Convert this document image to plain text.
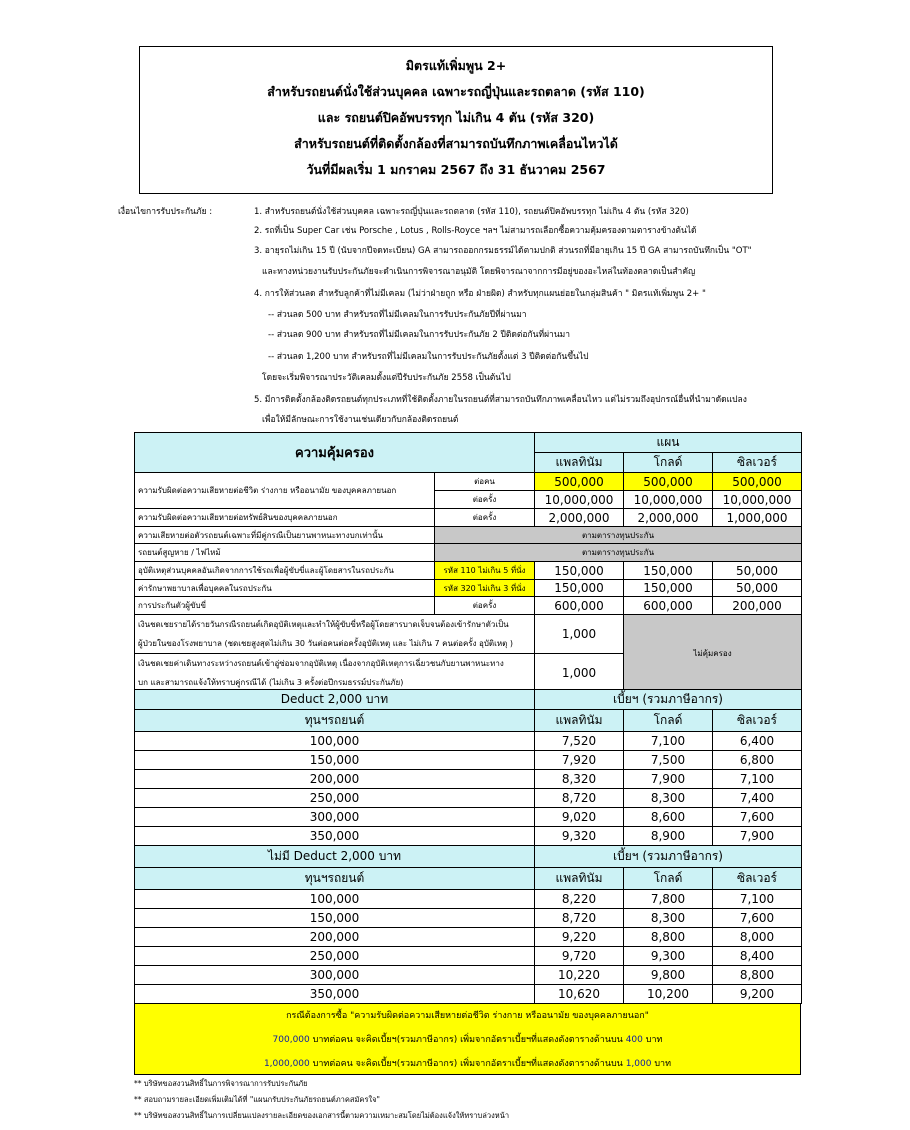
มิตรแท้เพิ่มพูน 2+
สำหรับรถยนต์นั่งใช้ส่วนบุคคล เฉพาะรถญี่ปุ่นและรถตลาด (รหัส 110)
และ รถยนต์ปิคอัพบรรทุก ไม่เกิน 4 ตัน (รหัส 320)
สำหรับรถยนต์ที่ติดตั้งกล้องที่สามารถบันทึกภาพเคลื่อนไหวได้
วันที่มีผลเริ่ม 1 มกราคม 2567 ถึง 31 ธันวาคม 2567
เงื่อนไขการรับประกันภัย :	1. สำหรับรถยนต์นั่งใช้ส่วนบุคคล เฉพาะรถญี่ปุ่นและรถตลาด (รหัส 110), รถยนต์ปิคอัพบรรทุก ไม่เกิน 4 ตัน (รหัส 320)
2. รถที่เป็น Super Car เช่น Porsche , Lotus , Rolls-Royce ฯลฯ ไม่สามารถเลือกซื้อความคุ้มครองตามตารางข้างต้นได้
3. อายุรถไม่เกิน 15 ปี (นับจากปีจดทะเบียน) GA สามารถออกกรมธรรม์ได้ตามปกติ ส่วนรถที่มีอายุเกิน 15 ปี GA สามารถบันทึกเป็น "OT"
และทางหน่วยงานรับประกันภัยจะดำเนินการพิจารณาอนุมัติ โดยพิจารณาจากการมีอยู่ของอะไหล่ในท้องตลาดเป็นสำคัญ
4. การให้ส่วนลด สำหรับลูกค้าที่ไม่มีเคลม (ไม่ว่าฝ่ายถูก หรือ ฝ่ายผิด) สำหรับทุกแผนย่อยในกลุ่มสินค้า " มิตรแท้เพิ่มพูน 2+ "
-- ส่วนลด 500 บาท สำหรับรถที่ไม่มีเคลมในการรับประกันภัยปีที่ผ่านมา
-- ส่วนลด 900 บาท สำหรับรถที่ไม่มีเคลมในการรับประกันภัย 2 ปีติดต่อกันที่ผ่านมา
-- ส่วนลด 1,200 บาท สำหรับรถที่ไม่มีเคลมในการรับประกันภัยตั้งแต่ 3 ปีติดต่อกันขึ้นไป
โดยจะเริ่มพิจารณาประวัติเคลมตั้งแต่ปีรับประกันภัย 2558 เป็นต้นไป
5. มีการติดตั้งกล้องติดรถยนต์ทุกประเภทที่ใช้ติดตั้งภายในรถยนต์ที่สามารถบันทึกภาพเคลื่อนไหว แต่ไม่รวมถึงอุปกรณ์อื่นที่นำมาดัดแปลง
เพื่อให้มีลักษณะการใช้งานเช่นเดียวกับกล้องติดรถยนต์
ความคุ้มครอง		แผน		
		แพลทินัม	โกลด์	ซิลเวอร์
ความรับผิดต่อความเสียหายต่อชีวิต ร่างกาย หรืออนามัย ของบุคคลภายนอก	ต่อคน	500,000	500,000	500,000
	ต่อครั้ง	10,000,000	10,000,000	10,000,000
ความรับผิดต่อความเสียหายต่อทรัพย์สินของบุคคลภายนอก	ต่อครั้ง	2,000,000	2,000,000	1,000,000
ความเสียหายต่อตัวรถยนต์เฉพาะที่มีคู่กรณีเป็นยานพาหนะทางบกเท่านั้น	ตามตารางทุนประกัน			
รถยนต์สูญหาย / ไฟไหม้	ตามตารางทุนประกัน			
อุบัติเหตุส่วนบุคคลอันเกิดจากการใช้รถเพื่อผู้ขับขี่และผู้โดยสารในรถประกัน	รหัส 110 ไม่เกิน 5 ที่นั่ง	150,000	150,000	50,000
ค่ารักษาพยาบาลเพื่อบุคคลในรถประกัน	รหัส 320 ไม่เกิน 3 ที่นั่ง	150,000	150,000	50,000
การประกันตัวผู้ขับขี่	ต่อครั้ง	600,000	600,000	200,000

เงินชดเชยรายได้รายวันกรณีรถยนต์เกิดอุบัติเหตุและทำให้ผู้ขับขี่หรือผู้โดยสารบาดเจ็บจนต้องเข้ารักษาตัวเป็น
ผู้ป่วยในของโรงพยาบาล (ชดเชยสูงสุดไม่เกิน 30 วันต่อคนต่อครั้งอุบัติเหตุ และ ไม่เกิน 7 คนต่อครั้ง อุบัติเหตุ )		1,000	ไม่คุ้มครอง	

เงินชดเชยค่าเดินทางระหว่างรถยนต์เข้าอู่ซ่อมจากอุบัติเหตุ เนื่องจากอุบัติเหตุการเฉี่ยวชนกับยานพาหนะทาง
บก และสามารถแจ้งให้ทราบคู่กรณีได้ (ไม่เกิน 3 ครั้งต่อปีกรมธรรม์ประกันภัย)		1,000		
Deduct 2,000 บาท	เบี้ยฯ (รวมภาษีอากร)		
ทุนฯรถยนต์	แพลทินัม	โกลด์	ซิลเวอร์
100,000	7,520	7,100	6,400
150,000	7,920	7,500	6,800
200,000	8,320	7,900	7,100
250,000	8,720	8,300	7,400
300,000	9,020	8,600	7,600
350,000	9,320	8,900	7,900
ไม่มี Deduct 2,000 บาท	เบี้ยฯ (รวมภาษีอากร)		
ทุนฯรถยนต์	แพลทินัม	โกลด์	ซิลเวอร์
100,000	8,220	7,800	7,100
150,000	8,720	8,300	7,600
200,000	9,220	8,800	8,000
250,000	9,720	9,300	8,400
300,000	10,220	9,800	8,800
350,000	10,620	10,200	9,200
กรณีต้องการซื้อ "ความรับผิดต่อความเสียหายต่อชีวิต ร่างกาย หรืออนามัย ของบุคคลภายนอก"
700,000 บาทต่อคน จะคิดเบี้ยฯ(รวมภาษีอากร) เพิ่มจากอัตราเบี้ยฯที่แสดงดังตารางด้านบน 400 บาท
1,000,000 บาทต่อคน จะคิดเบี้ยฯ(รวมภาษีอากร) เพิ่มจากอัตราเบี้ยฯที่แสดงดังตารางด้านบน 1,000 บาท
** บริษัทขอสงวนสิทธิ์ในการพิจารณาการรับประกันภัย
** สอบถามรายละเอียดเพิ่มเติมได้ที่ "แผนกรับประกันภัยรถยนต์ภาคสมัครใจ"
** บริษัทขอสงวนสิทธิ์ในการเปลี่ยนแปลงรายละเอียดของเอกสารนี้ตามความเหมาะสมโดยไม่ต้องแจ้งให้ทราบล่วงหน้า
